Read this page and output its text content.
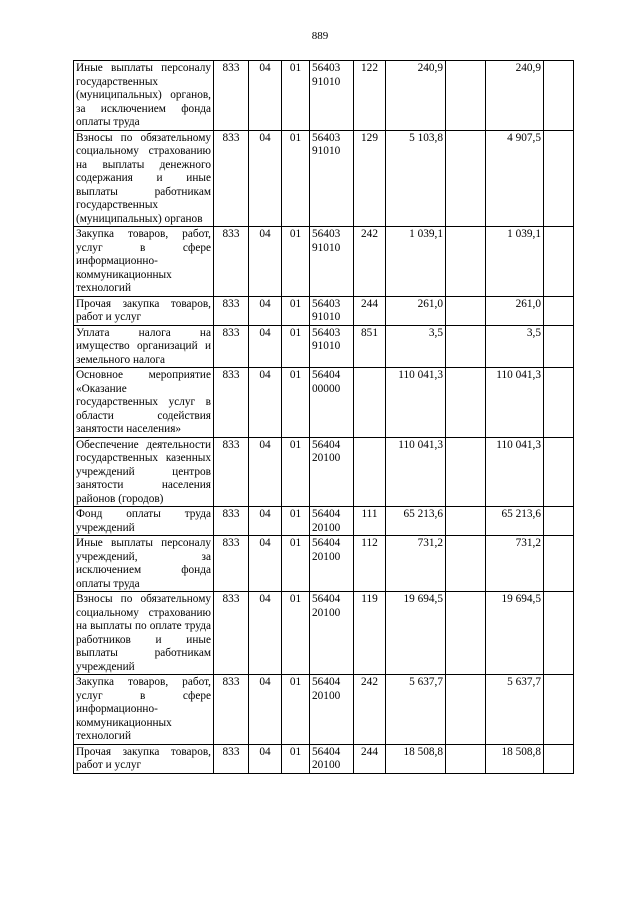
889
Иные выплаты персоналу государственных (муниципальных) органов, за исключением фонда оплаты труда	833	04	01	56403 91010	122	240,9		240,9	
Взносы по обязательному социальному страхованию на выплаты денежного содержания и иные выплаты работникам государственных (муниципальных) органов	833	04	01	56403 91010	129	5 103,8		4 907,5	
Закупка товаров, работ, услуг в сфере информационно-коммуникационных технологий	833	04	01	56403 91010	242	1 039,1		1 039,1	
Прочая закупка товаров, работ и услуг	833	04	01	56403 91010	244	261,0		261,0	
Уплата налога на имущество организаций и земельного налога	833	04	01	56403 91010	851	3,5		3,5	
Основное мероприятие «Оказание государственных услуг в области содействия занятости населения»	833	04	01	56404 00000		110 041,3		110 041,3	
Обеспечение деятельности государственных казенных учреждений центров занятости населения районов (городов)	833	04	01	56404 20100		110 041,3		110 041,3	
Фонд оплаты труда учреждений	833	04	01	56404 20100	111	65 213,6		65 213,6	
Иные выплаты персоналу учреждений, за исключением фонда оплаты труда	833	04	01	56404 20100	112	731,2		731,2	
Взносы по обязательному социальному страхованию на выплаты по оплате труда работников и иные выплаты работникам учреждений	833	04	01	56404 20100	119	19 694,5		19 694,5	
Закупка товаров, работ, услуг в сфере информационно-коммуникационных технологий	833	04	01	56404 20100	242	5 637,7		5 637,7	
Прочая закупка товаров, работ и услуг	833	04	01	56404 20100	244	18 508,8		18 508,8	
